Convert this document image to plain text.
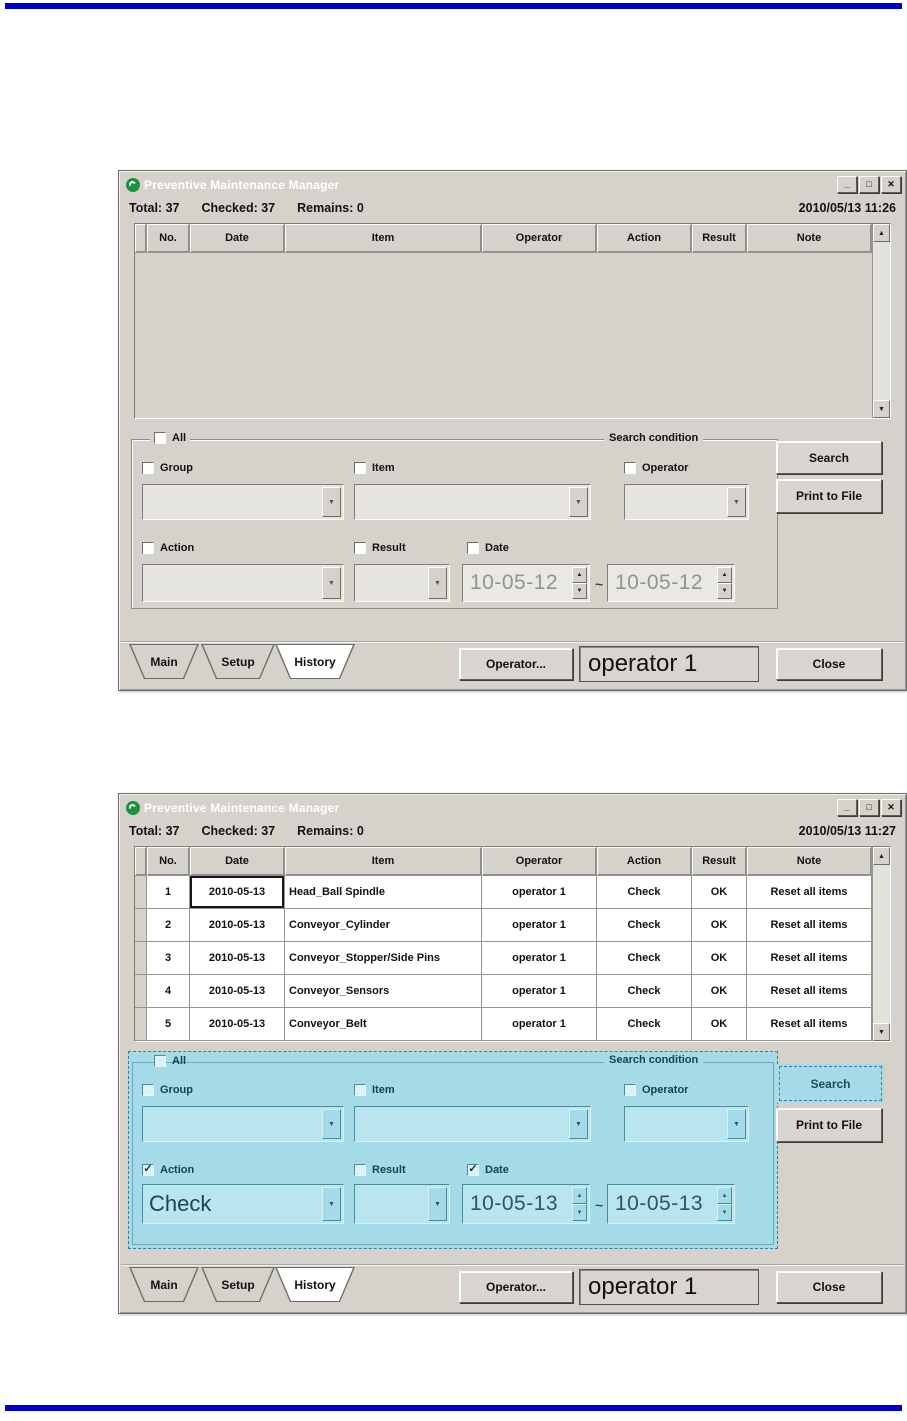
Preventive Maintenance Manager	_	□	✕
Total: 37 Checked: 37 Remains: 0	2010/05/13 11:26
No.	Date	Item	Operator	Action	Result	Note	▲
▼
All	Search condition
Group	Item	Operator
▼	▼	▼
Action	Result	Date
▼	▼ 10-05-12	▲
▼ ~ 10-05-12	▲
▼
Search
Print to File
Main	Setup	History	Operator...	operator 1	Close
Preventive Maintenance Manager	_	□	✕
Total: 37 Checked: 37 Remains: 0	2010/05/13 11:27
No.	Date	Item	Operator	Action	Result	Note
1	2010-05-13	Head_Ball Spindle	operator 1	Check	OK	Reset all items
2	2010-05-13	Conveyor_Cylinder	operator 1	Check	OK	Reset all items
3	2010-05-13	Conveyor_Stopper/Side Pins	operator 1	Check	OK	Reset all items
4	2010-05-13	Conveyor_Sensors	operator 1	Check	OK	Reset all items
5	2010-05-13	Conveyor_Belt	operator 1	Check	OK	Reset all items
▲
▼
All	Search condition
Group	Item	Operator
▼	▼	▼
✓ Action	Result	✓ Date
Check	▼	▼ 10-05-13	▲
▼ ~ 10-05-13	▲
▼
Search
Print to File
Main	Setup	History	Operator...	operator 1	Close
